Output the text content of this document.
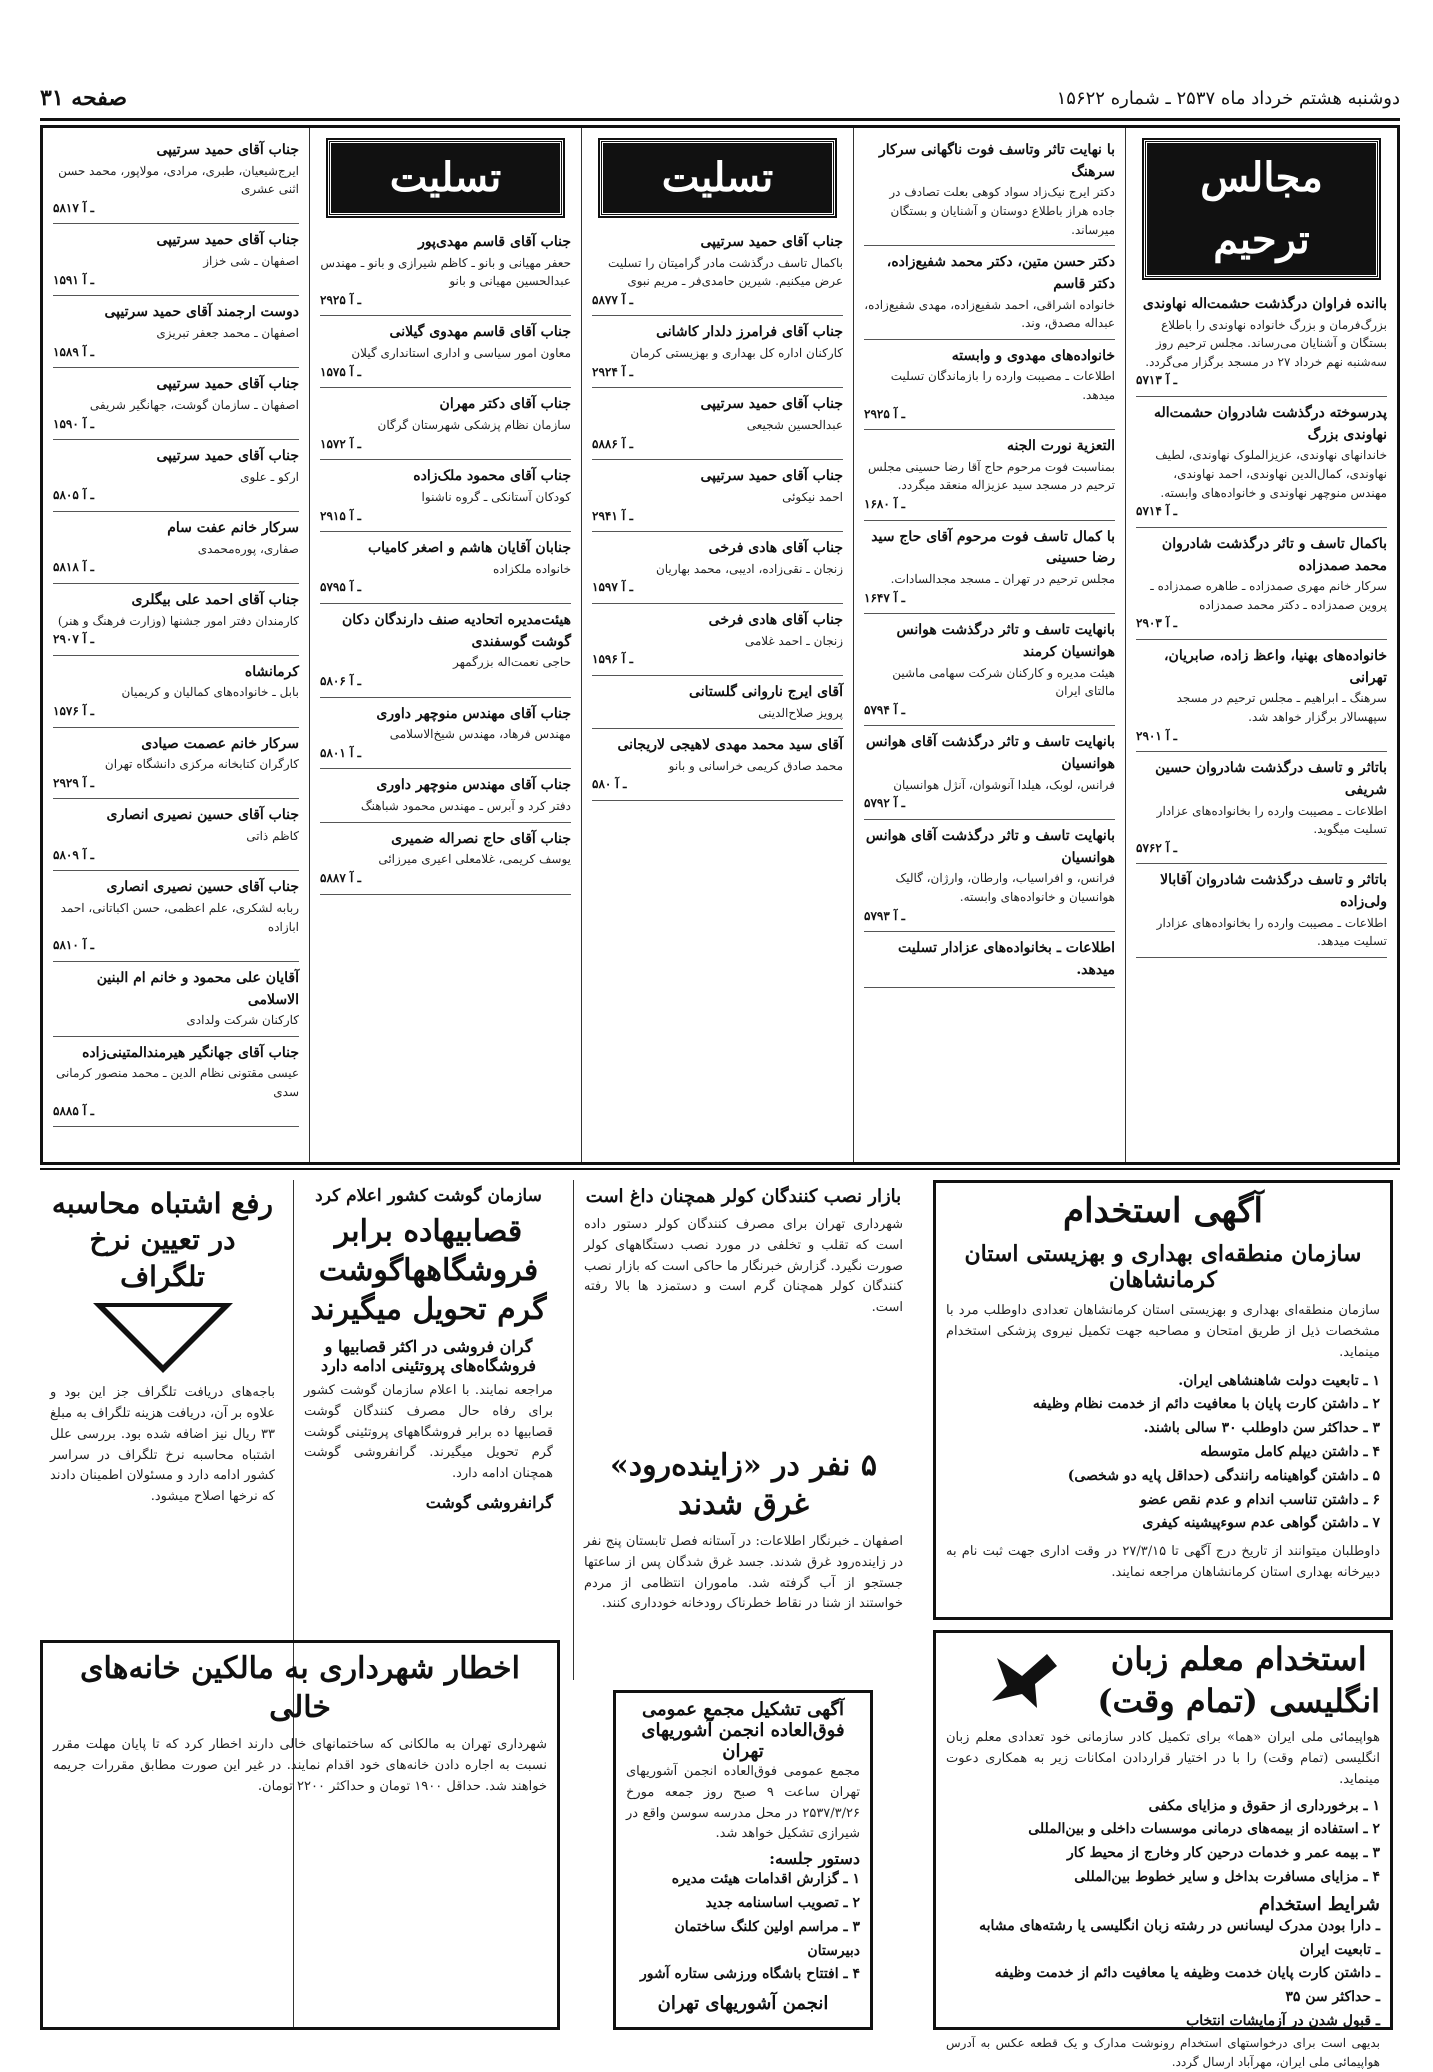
دوشنبه هشتم خرداد ماه ۲۵۳۷ ـ شماره ۱۵۶۲۲
صفحه ۳۱
مجالس ترحیم
باانده فراوان درگذشت حشمت‌اله نهاوندی
بزرگ‌فرمان و بزرگ خانواده نهاوندی را باطلاع بستگان و آشنایان می‌رساند. مجلس ترحیم روز سه‌شنبه نهم خرداد ۲۷ در مسجد برگزار می‌گردد.
۵۷۱۳ ـ آ
پدرسوخته درگذشت شادروان حشمت‌اله نهاوندی بزرگ
خاندانهای نهاوندی، عزیزالملوک نهاوندی، لطیف نهاوندی، کمال‌الدین نهاوندی، احمد نهاوندی، مهندس منوچهر نهاوندی و خانواده‌های وابسته.
۵۷۱۴ ـ آ
باکمال تاسف و تاثر درگذشت شادروان محمد صمدزاده
سرکار خانم مهری صمدزاده ـ طاهره صمدزاده ـ پروین صمدزاده ـ دکتر محمد صمدزاده
۲۹۰۳ ـ آ
خانواده‌های بهنیا، واعظ زاده، صابریان، تهرانی
سرهنگ ـ ابراهیم ـ مجلس ترحیم در مسجد سپهسالار برگزار خواهد شد.
۲۹۰۱ ـ آ
باتاثر و تاسف درگذشت شادروان حسین شریفی
اطلاعات ـ مصیبت وارده را بخانواده‌های عزادار تسلیت میگوید.
۵۷۶۲ ـ آ
باتاثر و تاسف درگذشت شادروان آقابالا ولی‌زاده
اطلاعات ـ مصیبت وارده را بخانواده‌های عزادار تسلیت میدهد.
با نهایت تاثر وتاسف فوت ناگهانی سرکار سرهنگ
دکتر ایرج نیک‌زاد سواد کوهی بعلت تصادف در جاده هراز باطلاع دوستان و آشنایان و بستگان میرساند.
دکتر حسن متین، دکتر محمد شفیع‌زاده، دکتر قاسم
خانواده اشراقی، احمد شفیع‌زاده، مهدی شفیع‌زاده، عبداله مصدق، وند.
خانواده‌های مهدوی و وابسته
اطلاعات ـ مصیبت وارده را بازماندگان تسلیت میدهد.
۲۹۲۵ ـ آ
التعزیة نورت الجنه
بمناسبت فوت مرحوم حاج آقا رضا حسینی مجلس ترحیم در مسجد سید عزیزاله منعقد میگردد.
۱۶۸۰ ـ آ
با کمال تاسف فوت مرحوم آقای حاج سید رضا حسینی
مجلس ترحیم در تهران ـ مسجد مجدالسادات.
۱۶۴۷ ـ آ
بانهایت تاسف و تاثر درگذشت هوانس هوانسیان کرمند
هیئت مدیره و کارکنان شرکت سهامی ماشین مالتای ایران
۵۷۹۴ ـ آ
بانهایت تاسف و تاثر درگذشت آقای هوانس هوانسیان
فرانس، لوبک، هیلدا آنوشوان، آنژل هوانسیان
۵۷۹۲ ـ آ
بانهایت تاسف و تاثر درگذشت آقای هوانس هوانسیان
فرانس، و افراسیاب، وارطان، وارژان، گالیک هوانسیان و خانواده‌های وابسته.
۵۷۹۳ ـ آ
اطلاعات ـ بخانواده‌های عزادار تسلیت میدهد.
تسلیت
جناب آقای حمید سرتیپی
باکمال تاسف درگذشت مادر گرامیتان را تسلیت عرض میکنیم. شیرین حامدی‌فر ـ مریم نبوی
۵۸۷۷ ـ آ
جناب آقای فرامرز دلدار کاشانی
کارکنان اداره کل بهداری و بهزیستی کرمان
۲۹۲۴ ـ آ
جناب آقای حمید سرتیپی
عبدالحسین شجیعی
۵۸۸۶ ـ آ
جناب آقای حمید سرتیپی
احمد نیکوئی
۲۹۴۱ ـ آ
جناب آقای هادی فرخی
زنجان ـ نقی‌زاده، ادیبی، محمد بهاریان
۱۵۹۷ ـ آ
جناب آقای هادی فرخی
زنجان ـ احمد غلامی
۱۵۹۶ ـ آ
آقای ایرج ناروانی گلستانی
پرویز صلاح‌الدینی
آقای سید محمد مهدی لاهیجی لاریجانی
محمد صادق کریمی خراسانی و بانو
۵۸۰ ـ آ
تسلیت
جناب آقای قاسم مهدی‌پور
حعفر مهیانی و بانو ـ کاظم شیرازی و بانو ـ مهندس عبدالحسین مهیانی و بانو
۲۹۲۵ ـ آ
جناب آقای قاسم مهدوی گیلانی
معاون امور سیاسی و اداری استانداری گیلان
۱۵۷۵ ـ آ
جناب آقای دکتر مهران
سازمان نظام پزشکی شهرستان گرگان
۱۵۷۲ ـ آ
جناب آقای محمود ملک‌زاده
کودکان آستانکی ـ گروه ناشنوا
۲۹۱۵ ـ آ
جنابان آقایان هاشم و اصغر کامیاب
خانواده ملکزاده
۵۷۹۵ ـ آ
هیئت‌مدیره اتحادیه صنف دارندگان دکان گوشت گوسفندی
حاجی نعمت‌اله بزرگمهر
۵۸۰۶ ـ آ
جناب آقای مهندس منوچهر داوری
مهندس فرهاد، مهندس شیخ‌الاسلامی
۵۸۰۱ ـ آ
جناب آقای مهندس منوچهر داوری
دفتر کرد و آبرس ـ مهندس محمود شباهنگ
جناب آقای حاج نصراله ضمیری
یوسف کریمی، غلامعلی اعیری میرزائی
۵۸۸۷ ـ آ
جناب آقای حمید سرتیپی
ایرج‌شیعیان، طبری، مرادی، مولاپور، محمد حسن اثنی عشری
۵۸۱۷ ـ آ
جناب آقای حمید سرتیپی
اصفهان ـ شی خزاز
۱۵۹۱ ـ آ
دوست ارجمند آقای حمید سرتیپی
اصفهان ـ محمد جعفر تبریزی
۱۵۸۹ ـ آ
جناب آقای حمید سرتیپی
اصفهان ـ سازمان گوشت، جهانگیر شریفی
۱۵۹۰ ـ آ
جناب آقای حمید سرتیپی
ارکو ـ علوی
۵۸۰۵ ـ آ
سرکار خانم عفت سام
صفاری، پوره‌محمدی
۵۸۱۸ ـ آ
جناب آقای احمد علی بیگلری
کارمندان دفتر امور جشنها (وزارت فرهنگ و هنر)
۲۹۰۷ ـ آ
کرمانشاه
بابل ـ خانواده‌های کمالیان و کریمیان
۱۵۷۶ ـ آ
سرکار خانم عصمت صیادی
کارگران کتابخانه مرکزی دانشگاه تهران
۲۹۲۹ ـ آ
جناب آقای حسین نصیری انصاری
کاظم ذاتی
۵۸۰۹ ـ آ
جناب آقای حسین نصیری انصاری
ربابه لشکری، علم اعظمی، حسن اکباتانی، احمد ابازاده
۵۸۱۰ ـ آ
آقایان علی محمود و خانم ام البنین الاسلامی
کارکنان شرکت ولدادی
جناب آقای جهانگیر هیرمندالمتینی‌زاده
عیسی مقتونی نظام الدین ـ محمد منصور کرمانی سدی
۵۸۸۵ ـ آ
آگهی استخدام
سازمان منطقه‌ای بهداری و بهزیستی استان کرمانشاهان
سازمان منطقه‌ای بهداری و بهزیستی استان کرمانشاهان تعدادی داوطلب مرد با مشخصات ذیل از طریق امتحان و مصاحبه جهت تکمیل نیروی پزشکی استخدام مینماید.
۱ ـ تابعیت دولت شاهنشاهی ایران.
۲ ـ داشتن کارت پایان با معافیت دائم از خدمت نظام وظیفه
۳ ـ حداکثر سن داوطلب ۳۰ سالی باشند.
۴ ـ داشتن دیپلم کامل متوسطه
۵ ـ داشتن گواهینامه رانندگی (حداقل پایه دو شخصی)
۶ ـ داشتن تناسب اندام و عدم نقص عضو
۷ ـ داشتن گواهی عدم سوءپیشینه کیفری
داوطلبان میتوانند از تاریخ درج آگهی تا ۲۷/۳/۱۵ در وقت اداری جهت ثبت نام به دبیرخانه بهداری استان کرمانشاهان مراجعه نمایند.
استخدام معلم زبان
انگلیسی (تمام وقت)
هواپیمائی ملی ایران «هما» برای تکمیل کادر سازمانی خود تعدادی معلم زبان انگلیسی (تمام وقت) را با در اختیار قراردادن امکانات زیر به همکاری دعوت مینماید.
۱ ـ برخورداری از حقوق و مزایای مکفی
۲ ـ استفاده از بیمه‌های درمانی موسسات داخلی و بین‌المللی
۳ ـ بیمه عمر و خدمات درحین کار وخارج از محیط کار
۴ ـ مزایای مسافرت بداخل و سایر خطوط بین‌المللی
شرایط استخدام
ـ دارا بودن مدرک لیسانس در رشته زبان انگلیسی یا رشته‌های مشابه
ـ تابعیت ایران
ـ داشتن کارت پایان خدمت وظیفه یا معافیت دائم از خدمت وظیفه
ـ حداکثر سن ۳۵
ـ قبول شدن در آزمایشات انتخاب
بدیهی است برای درخواستهای استخدام رونوشت مدارک و یک قطعه عکس به آدرس هواپیمائی ملی ایران، مهرآباد ارسال گردد.
بازار نصب کنندگان کولر همچنان داغ است
شهرداری تهران برای مصرف کنندگان کولر دستور داده است که تقلب و تخلفی در مورد نصب دستگاههای کولر صورت نگیرد. گزارش خبرنگار ما حاکی است که بازار نصب کنندگان کولر همچنان گرم است و دستمزد ها بالا رفته است.
۵ نفر در «زاینده‌رود» غرق شدند
اصفهان ـ خبرنگار اطلاعات: در آستانه فصل تابستان پنج نفر در زاینده‌رود غرق شدند. جسد غرق شدگان پس از ساعتها جستجو از آب گرفته شد. ماموران انتظامی از مردم خواستند از شنا در نقاط خطرناک رودخانه خودداری کنند.
آگهی تشکیل مجمع عمومی فوق‌العاده انجمن آشوریهای تهران
مجمع عمومی فوق‌العاده انجمن آشوریهای تهران ساعت ۹ صبح روز جمعه مورخ ۲۵۳۷/۳/۲۶ در محل مدرسه سوسن واقع در شیرازی تشکیل خواهد شد.
دستور جلسه:
۱ ـ گزارش اقدامات هیئت مدیره
۲ ـ تصویب اساسنامه جدید
۳ ـ مراسم اولین کلنگ ساختمان دبیرستان
۴ ـ افتتاح باشگاه ورزشی ستاره آشور
انجمن آشوریهای تهران
سازمان گوشت کشور اعلام کرد
قصابیهاده برابر فروشگاههاگوشت گرم تحویل میگیرند
گران فروشی در اکثر قصابیها و فروشگاه‌های پروتئینی ادامه دارد
مراجعه نمایند. با اعلام سازمان گوشت کشور برای رفاه حال مصرف کنندگان گوشت قصابیها ده برابر فروشگاههای پروتئینی گوشت گرم تحویل میگیرند. گرانفروشی گوشت همچنان ادامه دارد.
گرانفروشی گوشت
رفع اشتباه محاسبه در تعیین نرخ تلگراف
باجه‌های دریافت تلگراف جز این بود و علاوه بر آن، دریافت هزینه تلگراف به مبلغ ۳۳ ریال نیز اضافه شده بود. بررسی علل اشتباه محاسبه نرخ تلگراف در سراسر کشور ادامه دارد و مسئولان اطمینان دادند که نرخها اصلاح میشود.
اخطار شهرداری به مالکین خانه‌های خالی
شهرداری تهران به مالکانی که ساختمانهای خالی دارند اخطار کرد که تا پایان مهلت مقرر نسبت به اجاره دادن خانه‌های خود اقدام نمایند. در غیر این صورت مطابق مقررات جریمه خواهند شد. حداقل ۱۹۰۰ تومان و حداکثر ۲۲۰۰ تومان.
